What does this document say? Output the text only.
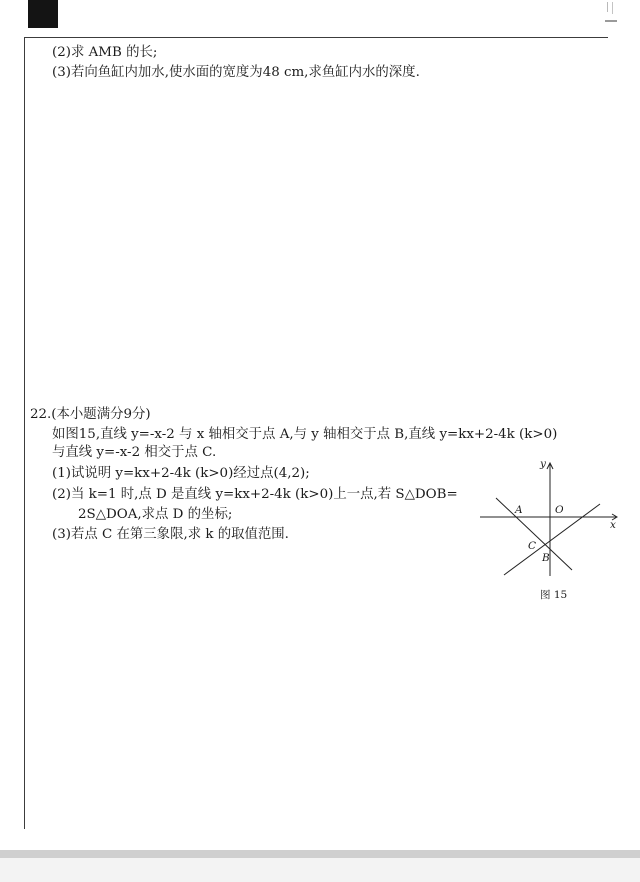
(2)求 AMB 的长;
(3)若向鱼缸内加水,使水面的宽度为48 cm,求鱼缸内水的深度.
22.(本小题满分9分)
如图15,直线 y=-x-2 与 x 轴相交于点 A,与 y 轴相交于点 B,直线 y=kx+2-4k (k>0)
与直线 y=-x-2 相交于点 C.
(1)试说明 y=kx+2-4k (k>0)经过点(4,2);
(2)当 k=1 时,点 D 是直线 y=kx+2-4k (k>0)上一点,若 S△DOB=
2S△DOA,求点 D 的坐标;
(3)若点 C 在第三象限,求 k 的取值范围.
y
x
A	O
C
B
图 15
